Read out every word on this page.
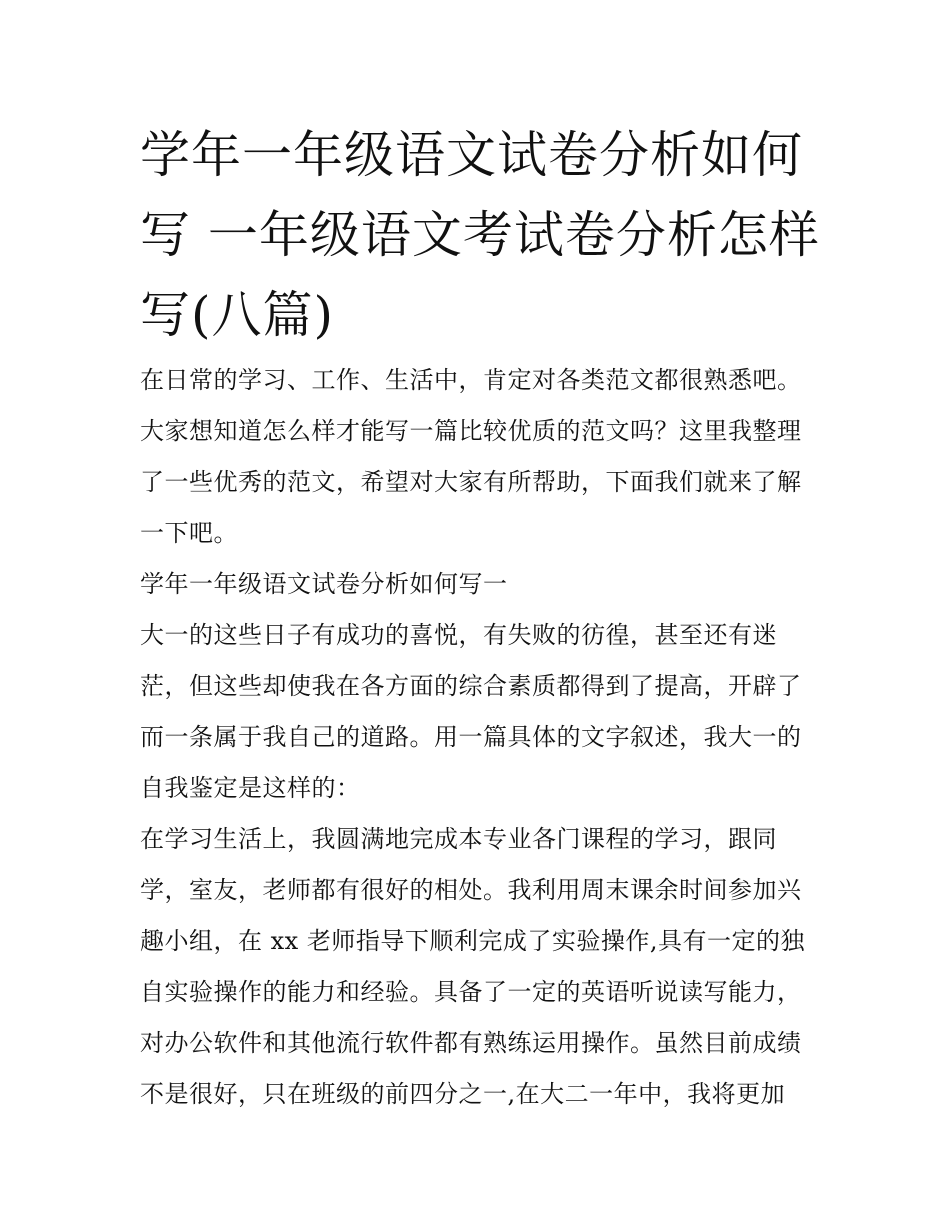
学年一年级语文试卷分析如何
写 一年级语文考试卷分析怎样
写(八篇)
在日常的学习、工作、生活中，肯定对各类范文都很熟悉吧。
大家想知道怎么样才能写一篇比较优质的范文吗？这里我整理
了一些优秀的范文，希望对大家有所帮助，下面我们就来了解
一下吧。
学年一年级语文试卷分析如何写一
大一的这些日子有成功的喜悦，有失败的彷徨，甚至还有迷
茫，但这些却使我在各方面的综合素质都得到了提高，开辟了
而一条属于我自己的道路。用一篇具体的文字叙述，我大一的
自我鉴定是这样的：
在学习生活上，我圆满地完成本专业各门课程的学习，跟同
学，室友，老师都有很好的相处。我利用周末课余时间参加兴
趣小组，在 xx 老师指导下顺利完成了实验操作,具有一定的独
自实验操作的能力和经验。具备了一定的英语听说读写能力，
对办公软件和其他流行软件都有熟练运用操作。虽然目前成绩
不是很好，只在班级的前四分之一,在大二一年中，我将更加
